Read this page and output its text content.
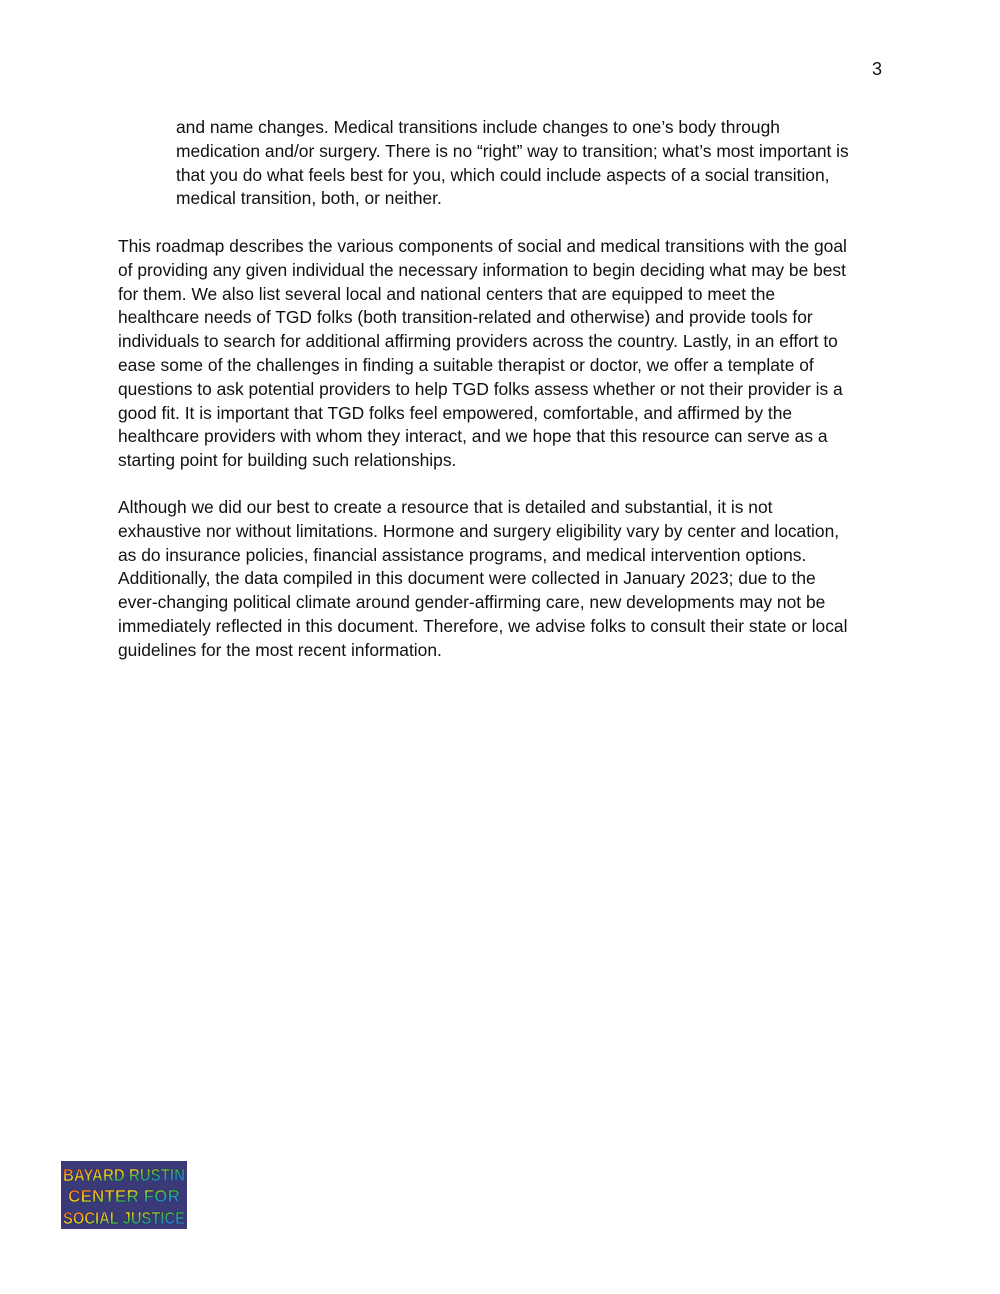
3
and name changes. Medical transitions include changes to one’s body through
medication and/or surgery. There is no “right” way to transition; what’s most important is
that you do what feels best for you, which could include aspects of a social transition,
medical transition, both, or neither.
This roadmap describes the various components of social and medical transitions with the goal
of providing any given individual the necessary information to begin deciding what may be best
for them. We also list several local and national centers that are equipped to meet the
healthcare needs of TGD folks (both transition-related and otherwise) and provide tools for
individuals to search for additional affirming providers across the country. Lastly, in an effort to
ease some of the challenges in finding a suitable therapist or doctor, we offer a template of
questions to ask potential providers to help TGD folks assess whether or not their provider is a
good fit. It is important that TGD folks feel empowered, comfortable, and affirmed by the
healthcare providers with whom they interact, and we hope that this resource can serve as a
starting point for building such relationships.
Although we did our best to create a resource that is detailed and substantial, it is not
exhaustive nor without limitations. Hormone and surgery eligibility vary by center and location,
as do insurance policies, financial assistance programs, and medical intervention options.
Additionally, the data compiled in this document were collected in January 2023; due to the
ever-changing political climate around gender-affirming care, new developments may not be
immediately reflected in this document. Therefore, we advise folks to consult their state or local
guidelines for the most recent information.
BAYARD RUSTIN
CENTER FOR
SOCIAL JUSTICE
